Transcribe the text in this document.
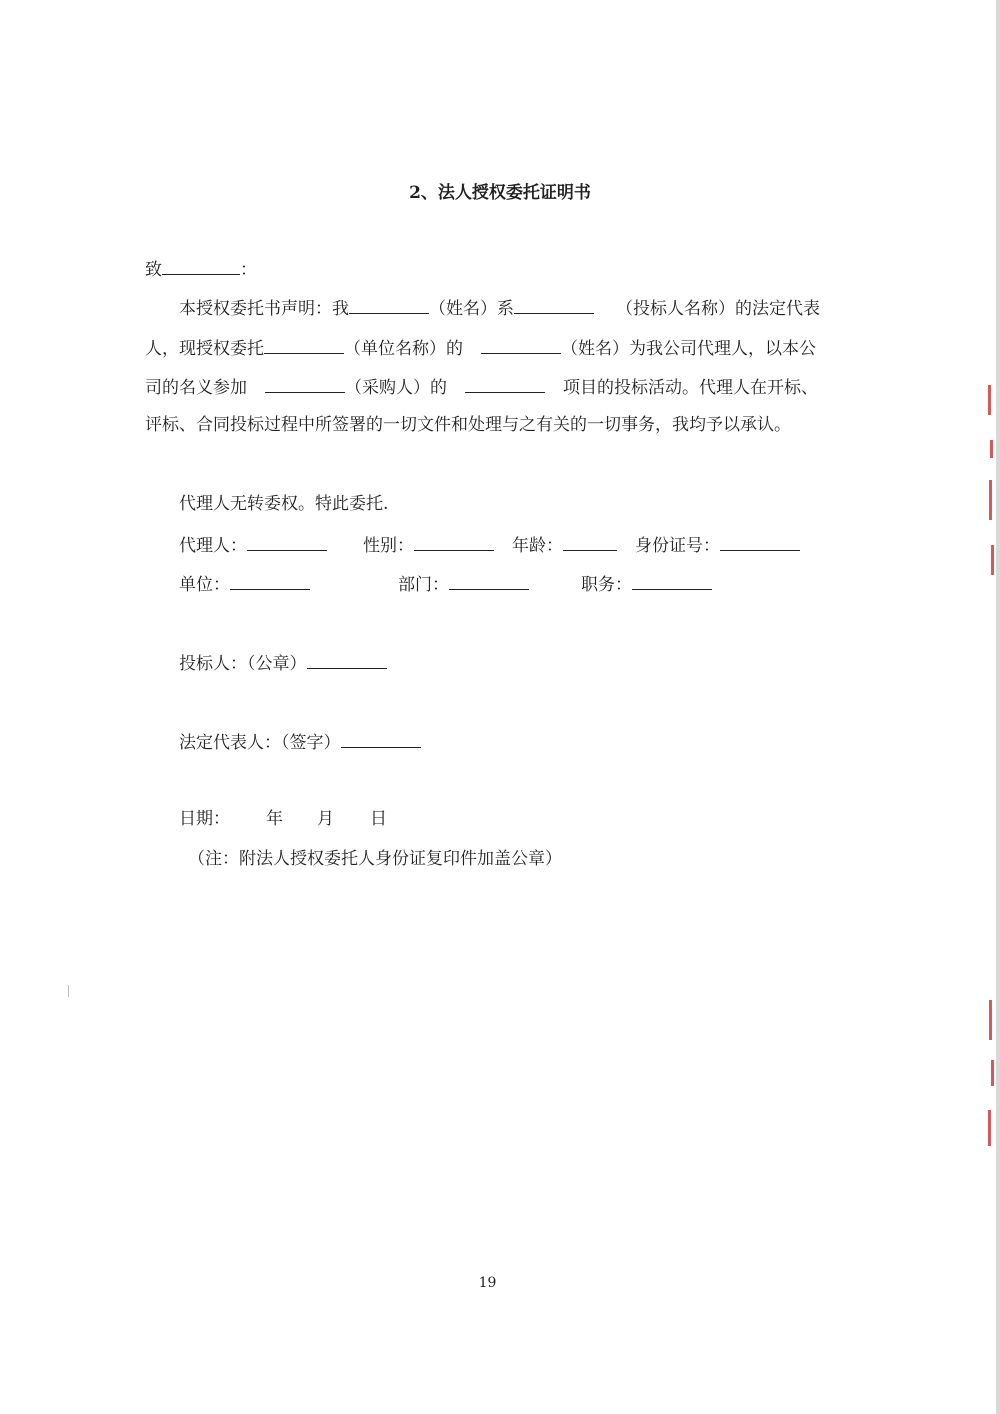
2、法人授权委托证明书
致	：
本授权委托书声明：我	（姓名）系	（投标人名称）的法定代表
人，现授权委托	（单位名称）的	（姓名）为我公司代理人，以本公
司的名义参加	（采购人）的	项目的投标活动。代理人在开标、
评标、合同投标过程中所签署的一切文件和处理与之有关的一切事务，我均予以承认。
代理人无转委权。特此委托.
代理人：	性别：	年龄：	身份证号：
单位：	部门：	职务：
投标人：（公章）
法定代表人：（签字）
日期： 年 月 日
（注：附法人授权委托人身份证复印件加盖公章）
19
